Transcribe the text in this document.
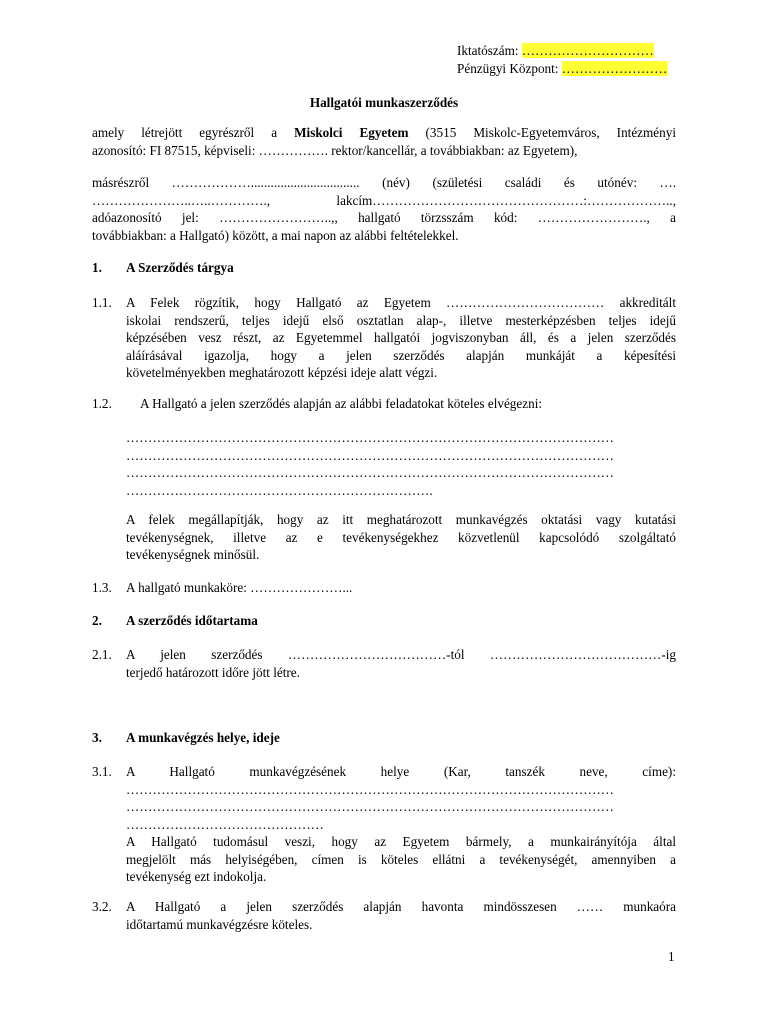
Iktatószám: …………………………
Pénzügyi Központ: ……………………
Hallgatói munkaszerződés
amely létrejött egyrészről a Miskolci Egyetem (3515 Miskolc-Egyetemváros, Intézményi
azonosító: FI 87515, képviseli: ……………. rektor/kancellár, a továbbiakban: az Egyetem),
másrészről ………………................................. (név) (születési családi és utónév: ….
…………………..…..…………., lakcím…………………………………………:………………..,
adóazonosító jel: ……………………..,, hallgató törzsszám kód: ……………………., a
továbbiakban: a Hallgató) között, a mai napon az alábbi feltételekkel.
1. A Szerződés tárgya
1.1. A Felek rögzítik, hogy Hallgató az Egyetem ……………………………… akkreditált
iskolai rendszerű, teljes idejű első osztatlan alap-, illetve mesterképzésben teljes idejű
képzésében vesz részt, az Egyetemmel hallgatói jogviszonyban áll, és a jelen szerződés
aláírásával igazolja, hogy a jelen szerződés alapján munkáját a képesítési
követelményekben meghatározott képzési ideje alatt végzi.
1.2. A Hallgató a jelen szerződés alapján az alábbi feladatokat köteles elvégezni:
…………………………………………………………………………………………………
…………………………………………………………………………………………………
…………………………………………………………………………………………………
…………………………………………………………….
A felek megállapítják, hogy az itt meghatározott munkavégzés oktatási vagy kutatási
tevékenységnek, illetve az e tevékenységekhez közvetlenül kapcsolódó szolgáltató
tevékenységnek minősül.
1.3. A hallgató munkaköre: …………………...
2. A szerződés időtartama
2.1. A jelen szerződés ………………………………-tól …………………………………-ig
terjedő határozott időre jött létre.
3. A munkavégzés helye, ideje
3.1. A Hallgató munkavégzésének helye (Kar, tanszék neve, címe):
…………………………………………………………………………………………………
…………………………………………………………………………………………………
………………………………………
A Hallgató tudomásul veszi, hogy az Egyetem bármely, a munkairányítója által
megjelölt más helyiségében, címen is köteles ellátni a tevékenységét, amennyiben a
tevékenység ezt indokolja.
3.2. A Hallgató a jelen szerződés alapján havonta mindösszesen …… munkaóra
időtartamú munkavégzésre köteles.
1
